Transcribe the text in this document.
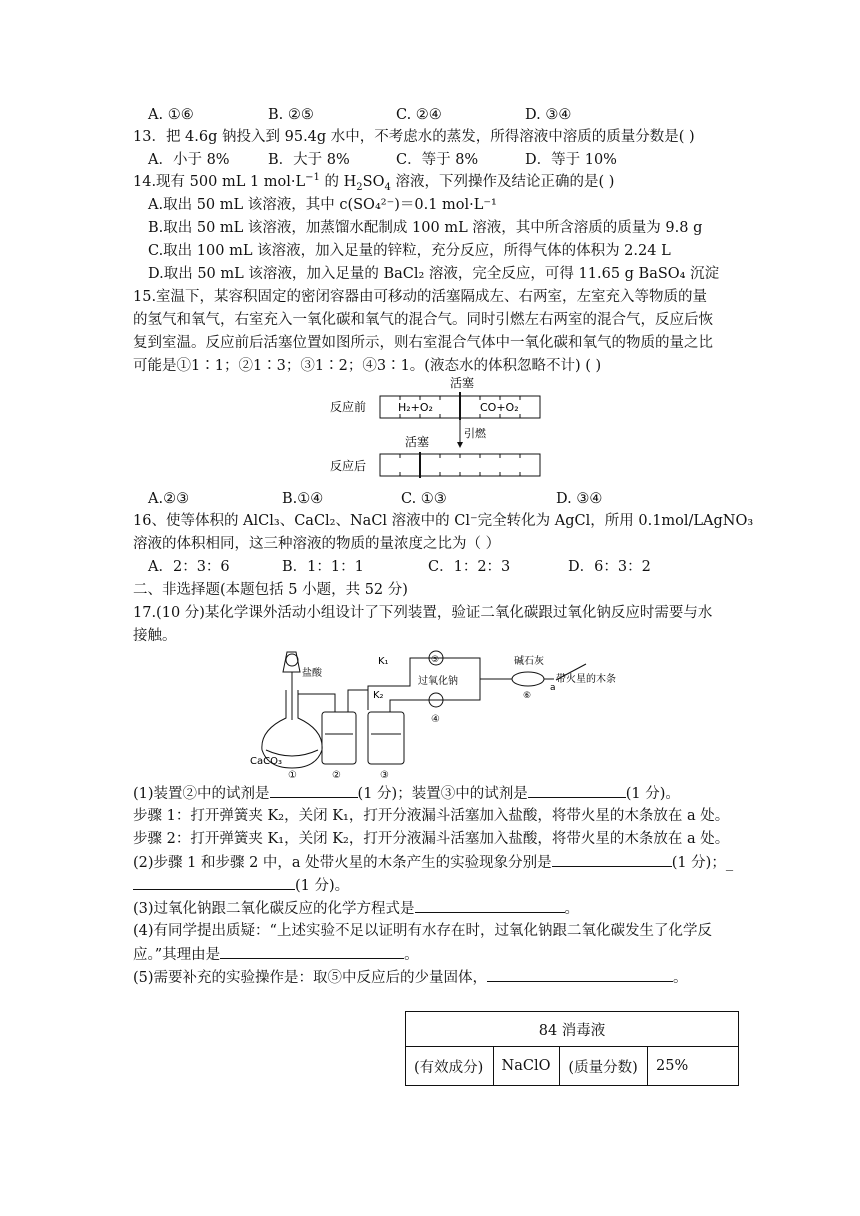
A. ①⑥	B. ②⑤	C. ②④	D. ③④
13．把 4.6g 钠投入到 95.4g 水中，不考虑水的蒸发，所得溶液中溶质的质量分数是( )
A．小于 8%	B．大于 8%	C．等于 8%	D．等于 10%
14.现有 500 mL 1 $mol\cdot L^{-1}$ 的 $H_2SO_4$ 溶液，下列操作及结论正确的是( )
A.取出 50 mL 该溶液，其中 c(SO₄²⁻)＝0.1 mol·L⁻¹
B.取出 50 mL 该溶液，加蒸馏水配制成 100 mL 溶液，其中所含溶质的质量为 9.8 g
C.取出 100 mL 该溶液，加入足量的锌粒，充分反应，所得气体的体积为 2.24 L
D.取出 50 mL 该溶液，加入足量的 BaCl₂ 溶液，完全反应，可得 11.65 g BaSO₄ 沉淀
15.室温下，某容积固定的密闭容器由可移动的活塞隔成左、右两室，左室充入等物质的量
的氢气和氧气，右室充入一氧化碳和氧气的混合气。同时引燃左右两室的混合气，反应后恢
复到室温。反应前后活塞位置如图所示，则右室混合气体中一氧化碳和氧气的物质的量之比
可能是①1∶1；②1∶3；③1∶2；④3∶1。(液态水的体积忽略不计) ( )
活塞
反应前	H₂+O₂	CO+O₂
引燃
活塞
反应后
A.②③	B.①④	C. ①③	D. ③④
16、使等体积的 AlCl₃、CaCl₂、NaCl 溶液中的 Cl⁻完全转化为 AgCl，所用 0.1mol/LAgNO₃
溶液的体积相同，这三种溶液的物质的量浓度之比为（ ）
A．2：3：6	B．1：1：1	C．1：2：3	D．6：3：2
二、非选择题(本题包括 5 小题，共 52 分)
17.(10 分)某化学课外活动小组设计了下列装置，验证二氧化碳跟过氧化钠反应时需要与水
接触。
盐酸
CaCO₃
①	②	③
K₂
K₁	⑤
④
过氧化钠
碱石灰
⑥
a
带火星的木条
(1)装置②中的试剂是	(1 分)；装置③中的试剂是	(1 分)。
步骤 1：打开弹簧夹 K₂，关闭 K₁，打开分液漏斗活塞加入盐酸，将带火星的木条放在 a 处。
步骤 2：打开弹簧夹 K₁，关闭 K₂，打开分液漏斗活塞加入盐酸，将带火星的木条放在 a 处。
(2)步骤 1 和步骤 2 中，a 处带火星的木条产生的实验现象分别是	(1 分)；_
(1 分)。
(3)过氧化钠跟二氧化碳反应的化学方程式是	。
(4)有同学提出质疑：“上述实验不足以证明有水存在时，过氧化钠跟二氧化碳发生了化学反
应。”其理由是	。
(5)需要补充的实验操作是：取⑤中反应后的少量固体，	。
84 消毒液
(有效成分)	NaClO	(质量分数)	25%
